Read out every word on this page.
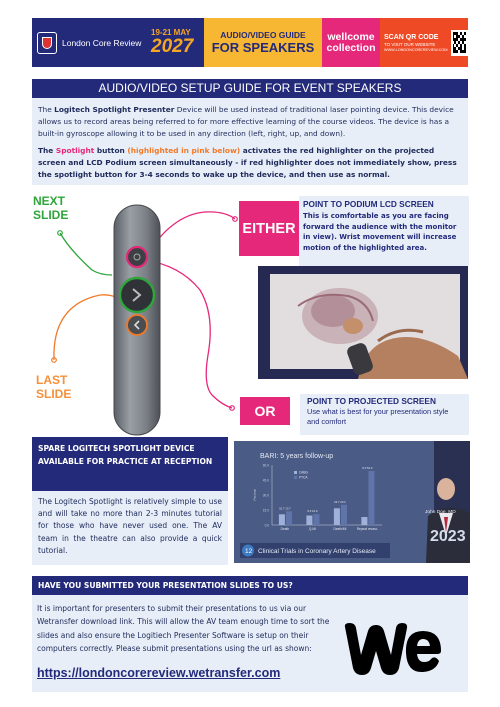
London Core Review
19-21 MAY
2027
AUDIO/VIDEO GUIDE
FOR SPEAKERS
wellcome
collection
SCAN QR CODE
TO VISIT OUR WEBSITE
WWW.LONDONCOREREVIEW.COM
AUDIO/VIDEO SETUP GUIDE FOR EVENT SPEAKERS

The Logitech Spotlight Presenter Device will be used instead of traditional laser pointing device. This device allows us to record areas being referred to for more effective learning of the course videos. The device is has a built-in gyroscope allowing it to be used in any direction (left, right, up, and down).

The Spotlight button (highlighted in pink below) activates the red highlighter on the projected screen and LCD Podium screen simultaneously - if red highlighter does not immediately show, press the spotlight button for 3-4 seconds to wake up the device, and then use as normal.

NEXT
SLIDE
LAST
SLIDE
EITHER
POINT TO PODIUM LCD SCREEN
This is comfortable as you are facing forward the audience with the monitor in view). Wrist movement will increase motion of the highlighted area.
OR
POINT TO PROJECTED SCREEN
Use what is best for your presentation style and comfort
BARI: 5 years follow-up
60.0
45.0
30.0
15.0
0.0
Percent
10.7 13.7
Death
9.5 10.9
Q-MI
16.7 20.2
Death/MI
8.0 54.0
Repeat revasc.
CABG
PTCA
12 Clinical Trials in Coronary Artery Disease
John Doe, MD
2023
SPARE LOGITECH SPOTLIGHT DEVICE AVAILABLE FOR PRACTICE AT RECEPTION
The Logitech Spotlight is relatively simple to use and will take no more than 2-3 minutes tutorial for those who have never used one. The AV team in the theatre can also provide a quick tutorial.
HAVE YOU SUBMITTED YOUR PRESENTATION SLIDES TO US?
It is important for presenters to submit their presentations to us via our Wetransfer download link. This will allow the AV team enough time to sort the slides and also ensure the Logitiech Presenter Software is setup on their computers correctly. Please submit presentations using the url as shown:
https://londoncorereview.wetransfer.com
